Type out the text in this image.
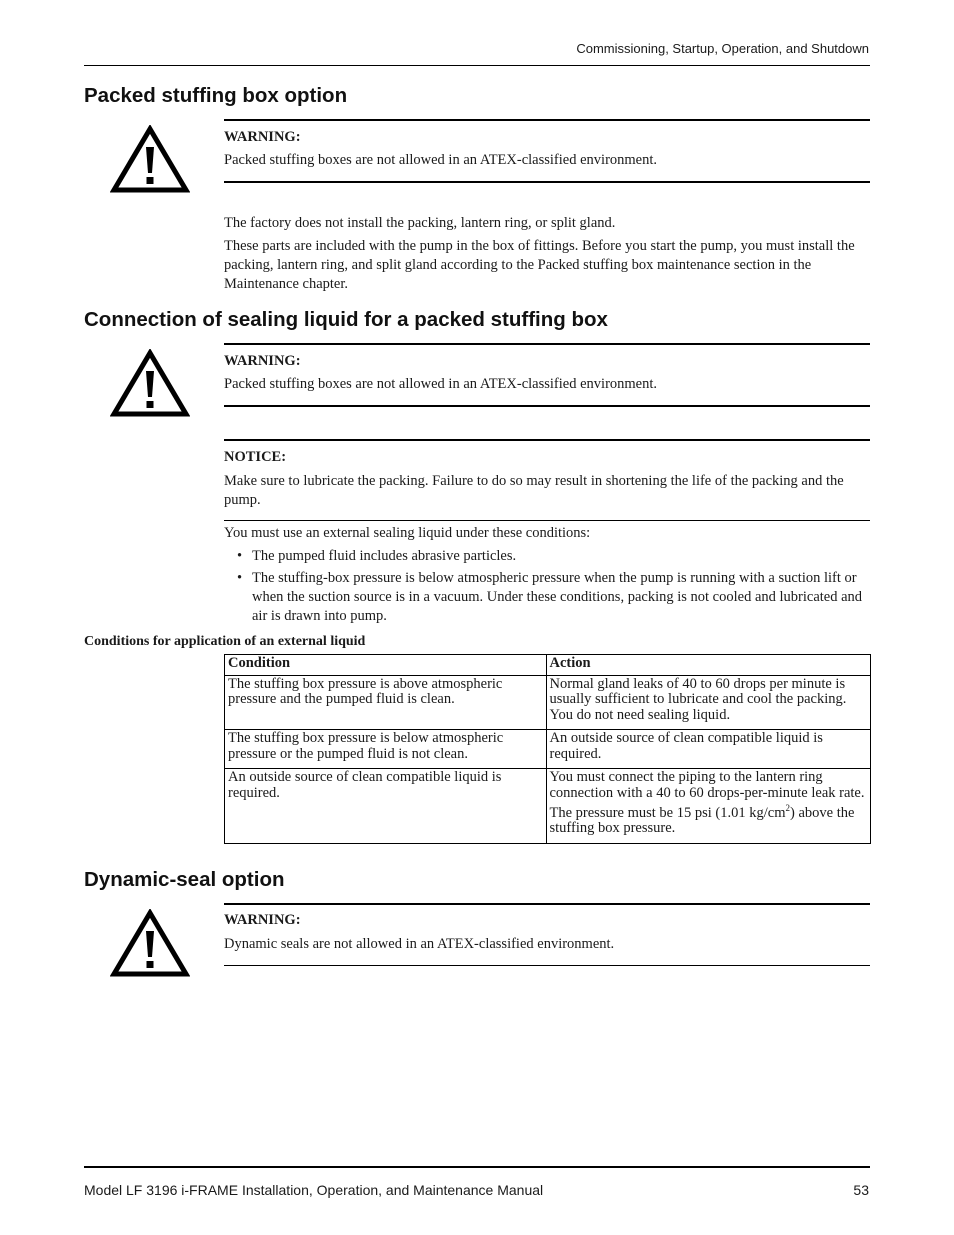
Commissioning, Startup, Operation, and Shutdown
Packed stuffing box option
WARNING:
Packed stuffing boxes are not allowed in an ATEX-classified environment.
The factory does not install the packing, lantern ring, or split gland.
These parts are included with the pump in the box of fittings. Before you start the pump, you must install the packing, lantern ring, and split gland according to the Packed stuffing box maintenance section in the Maintenance chapter.
Connection of sealing liquid for a packed stuffing box
WARNING:
Packed stuffing boxes are not allowed in an ATEX-classified environment.
NOTICE:
Make sure to lubricate the packing. Failure to do so may result in shortening the life of the packing and the pump.
You must use an external sealing liquid under these conditions:
• The pumped fluid includes abrasive particles.
• The stuffing-box pressure is below atmospheric pressure when the pump is running with a suction lift or when the suction source is in a vacuum. Under these conditions, packing is not cooled and lubricated and air is drawn into pump.
Conditions for application of an external liquid
Condition	Action
The stuffing box pressure is above atmospheric pressure and the pumped fluid is clean.	Normal gland leaks of 40 to 60 drops per minute is usually sufficient to lubricate and cool the packing. You do not need sealing liquid.
The stuffing box pressure is below atmospheric pressure or the pumped fluid is not clean.	An outside source of clean compatible liquid is required.
An outside source of clean compatible liquid is required.	You must connect the piping to the lantern ring connection with a 40 to 60 drops-per-minute leak rate. The pressure must be 15 psi (1.01 $kg/cm^2$) above the stuffing box pressure.
Dynamic-seal option
WARNING:
Dynamic seals are not allowed in an ATEX-classified environment.
Model LF 3196 i-FRAME Installation, Operation, and Maintenance Manual	53
